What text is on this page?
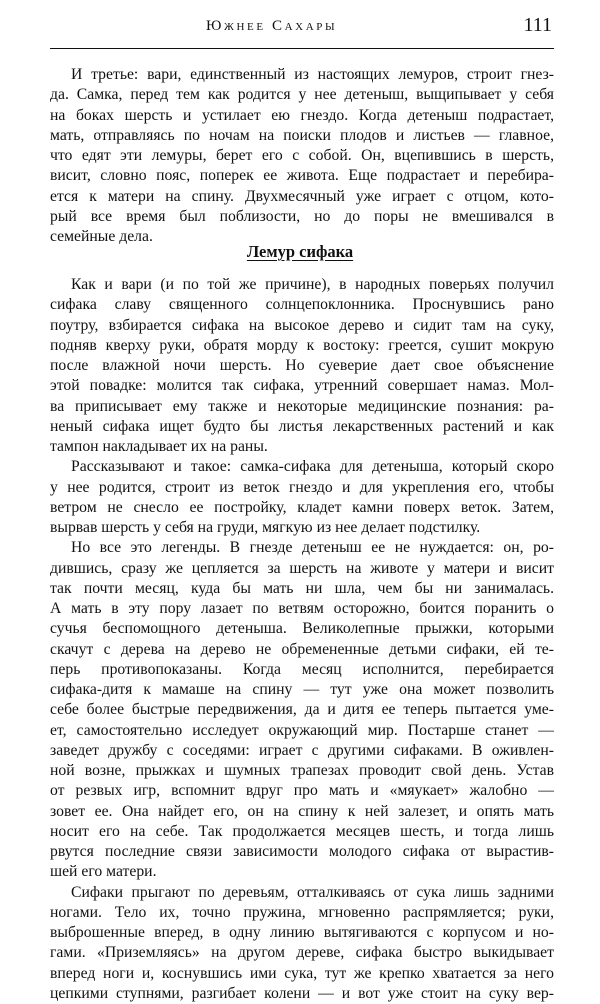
Южнее Сахары	111
И третье: вари, единственный из настоящих лемуров, строит гнез-
да. Самка, перед тем как родится у нее детеныш, выщипывает у себя
на боках шерсть и устилает ею гнездо. Когда детеныш подрастает,
мать, отправляясь по ночам на поиски плодов и листьев — главное,
что едят эти лемуры, берет его с собой. Он, вцепившись в шерсть,
висит, словно пояс, поперек ее живота. Еще подрастает и перебира-
ется к матери на спину. Двухмесячный уже играет с отцом, кото-
рый все время был поблизости, но до поры не вмешивался в
семейные дела.
Лемур сифака
Как и вари (и по той же причине), в народных поверьях получил
сифака славу священного солнцепоклонника. Проснувшись рано
поутру, взбирается сифака на высокое дерево и сидит там на суку,
подняв кверху руки, обратя морду к востоку: греется, сушит мокрую
после влажной ночи шерсть. Но суеверие дает свое объяснение
этой повадке: молится так сифака, утренний совершает намаз. Мол-
ва приписывает ему также и некоторые медицинские познания: ра-
неный сифака ищет будто бы листья лекарственных растений и как
тампон накладывает их на раны.
Рассказывают и такое: самка-сифака для детеныша, который скоро
у нее родится, строит из веток гнездо и для укрепления его, чтобы
ветром не снесло ее постройку, кладет камни поверх веток. Затем,
вырвав шерсть у себя на груди, мягкую из нее делает подстилку.
Но все это легенды. В гнезде детеныш ее не нуждается: он, ро-
дившись, сразу же цепляется за шерсть на животе у матери и висит
так почти месяц, куда бы мать ни шла, чем бы ни занималась.
А мать в эту пору лазает по ветвям осторожно, боится поранить о
сучья беспомощного детеныша. Великолепные прыжки, которыми
скачут с дерева на дерево не обремененные детьми сифаки, ей те-
перь противопоказаны. Когда месяц исполнится, перебирается
сифака-дитя к мамаше на спину — тут уже она может позволить
себе более быстрые передвижения, да и дитя ее теперь пытается уме-
ет, самостоятельно исследует окружающий мир. Постарше станет —
заведет дружбу с соседями: играет с другими сифаками. В оживлен-
ной возне, прыжках и шумных трапезах проводит свой день. Устав
от резвых игр, вспомнит вдруг про мать и «мяукает» жалобно —
зовет ее. Она найдет его, он на спину к ней залезет, и опять мать
носит его на себе. Так продолжается месяцев шесть, и тогда лишь
рвутся последние связи зависимости молодого сифака от вырастив-
шей его матери.
Сифаки прыгают по деревьям, отталкиваясь от сука лишь задними
ногами. Тело их, точно пружина, мгновенно распрямляется; руки,
выброшенные вперед, в одну линию вытягиваются с корпусом и но-
гами. «Приземляясь» на другом дереве, сифака быстро выкидывает
вперед ноги и, коснувшись ими сука, тут же крепко хватается за него
цепкими ступнями, разгибает колени — и вот уже стоит на суку вер-
